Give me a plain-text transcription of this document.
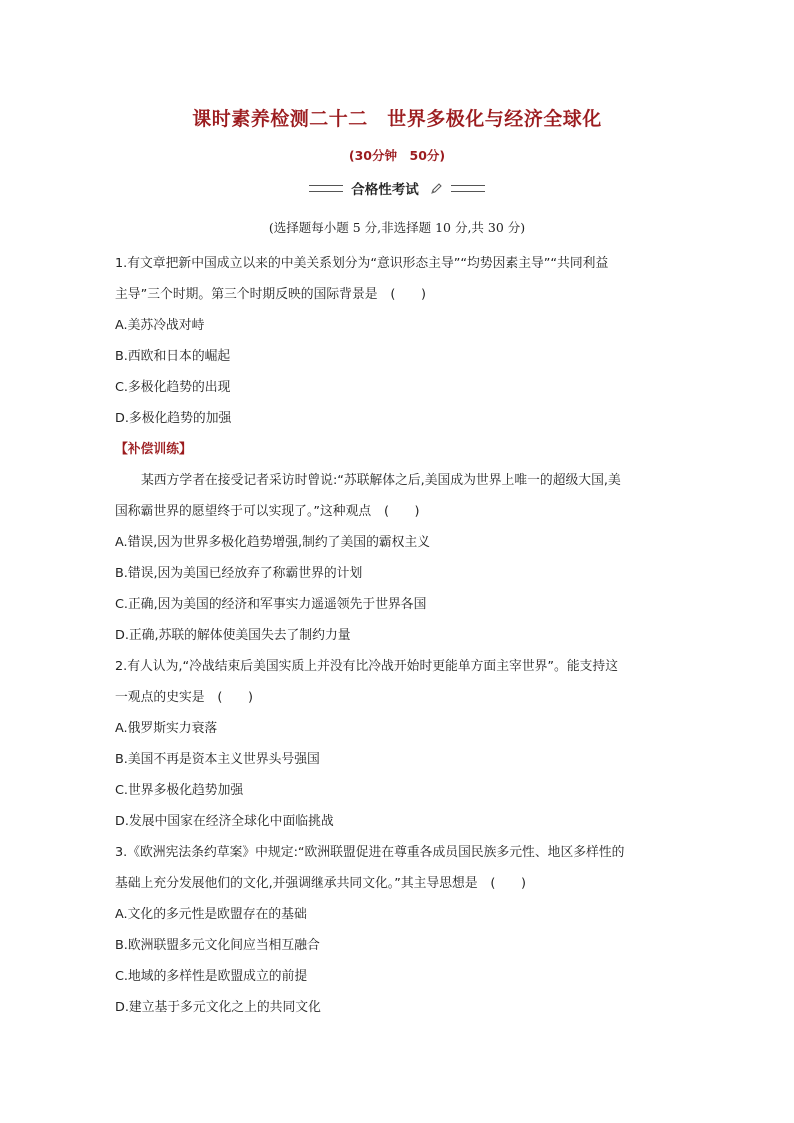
课时素养检测二十二　世界多极化与经济全球化
(30分钟　50分)
合格性考试
(选择题每小题 5 分,非选择题 10 分,共 30 分)

1.有文章把新中国成立以来的中美关系划分为“意识形态主导”“均势因素主导”“共同利益

主导”三个时期。第三个时期反映的国际背景是　(　　)

A.美苏冷战对峙

B.西欧和日本的崛起

C.多极化趋势的出现

D.多极化趋势的加强

【补偿训练】

某西方学者在接受记者采访时曾说:“苏联解体之后,美国成为世界上唯一的超级大国,美

国称霸世界的愿望终于可以实现了。”这种观点　(　　)

A.错误,因为世界多极化趋势增强,制约了美国的霸权主义

B.错误,因为美国已经放弃了称霸世界的计划

C.正确,因为美国的经济和军事实力遥遥领先于世界各国

D.正确,苏联的解体使美国失去了制约力量

2.有人认为,“冷战结束后美国实质上并没有比冷战开始时更能单方面主宰世界”。能支持这

一观点的史实是　(　　)

A.俄罗斯实力衰落

B.美国不再是资本主义世界头号强国

C.世界多极化趋势加强

D.发展中国家在经济全球化中面临挑战

3.《欧洲宪法条约草案》中规定:“欧洲联盟促进在尊重各成员国民族多元性、地区多样性的

基础上充分发展他们的文化,并强调继承共同文化。”其主导思想是　(　　)

A.文化的多元性是欧盟存在的基础

B.欧洲联盟多元文化间应当相互融合

C.地域的多样性是欧盟成立的前提

D.建立基于多元文化之上的共同文化
